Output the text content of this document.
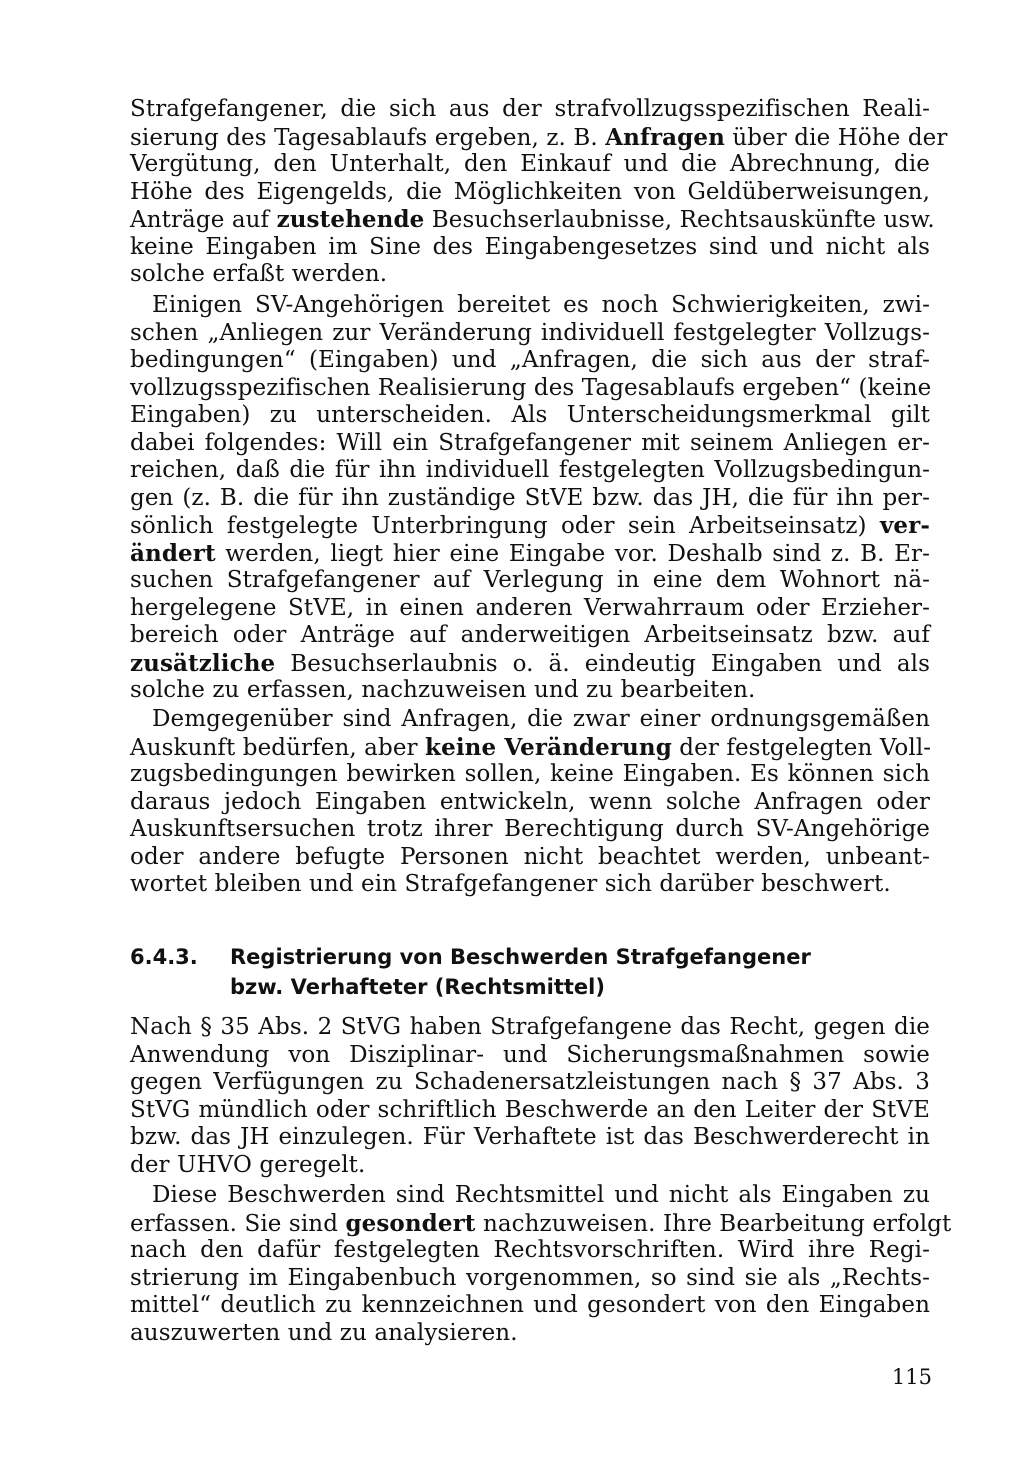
Strafgefangener, die sich aus der strafvollzugsspezifischen Reali-
sierung des Tagesablaufs ergeben, z. B. Anfragen über die Höhe der
Vergütung, den Unterhalt, den Einkauf und die Abrechnung, die
Höhe des Eigengelds, die Möglichkeiten von Geldüberweisungen,
Anträge auf zustehende Besuchserlaubnisse, Rechtsauskünfte usw.
keine Eingaben im Sine des Eingabengesetzes sind und nicht als
solche erfaßt werden.
Einigen SV-Angehörigen bereitet es noch Schwierigkeiten, zwi-
schen „Anliegen zur Veränderung individuell festgelegter Vollzugs-
bedingungen“ (Eingaben) und „Anfragen, die sich aus der straf-
vollzugsspezifischen Realisierung des Tagesablaufs ergeben“ (keine
Eingaben) zu unterscheiden. Als Unterscheidungsmerkmal gilt
dabei folgendes: Will ein Strafgefangener mit seinem Anliegen er-
reichen, daß die für ihn individuell festgelegten Vollzugsbedingun-
gen (z. B. die für ihn zuständige StVE bzw. das JH, die für ihn per-
sönlich festgelegte Unterbringung oder sein Arbeitseinsatz) ver-
ändert werden, liegt hier eine Eingabe vor. Deshalb sind z. B. Er-
suchen Strafgefangener auf Verlegung in eine dem Wohnort nä-
hergelegene StVE, in einen anderen Verwahrraum oder Erzieher-
bereich oder Anträge auf anderweitigen Arbeitseinsatz bzw. auf
zusätzliche Besuchserlaubnis o. ä. eindeutig Eingaben und als
solche zu erfassen, nachzuweisen und zu bearbeiten.
Demgegenüber sind Anfragen, die zwar einer ordnungsgemäßen
Auskunft bedürfen, aber keine Veränderung der festgelegten Voll-
zugsbedingungen bewirken sollen, keine Eingaben. Es können sich
daraus jedoch Eingaben entwickeln, wenn solche Anfragen oder
Auskunftsersuchen trotz ihrer Berechtigung durch SV-Angehörige
oder andere befugte Personen nicht beachtet werden, unbeant-
wortet bleiben und ein Strafgefangener sich darüber beschwert.
6.4.3. Registrierung von Beschwerden Strafgefangener
bzw. Verhafteter (Rechtsmittel)
Nach § 35 Abs. 2 StVG haben Strafgefangene das Recht, gegen die
Anwendung von Disziplinar- und Sicherungsmaßnahmen sowie
gegen Verfügungen zu Schadenersatzleistungen nach § 37 Abs. 3
StVG mündlich oder schriftlich Beschwerde an den Leiter der StVE
bzw. das JH einzulegen. Für Verhaftete ist das Beschwerderecht in
der UHVO geregelt.
Diese Beschwerden sind Rechtsmittel und nicht als Eingaben zu
erfassen. Sie sind gesondert nachzuweisen. Ihre Bearbeitung erfolgt
nach den dafür festgelegten Rechtsvorschriften. Wird ihre Regi-
strierung im Eingabenbuch vorgenommen, so sind sie als „Rechts-
mittel“ deutlich zu kennzeichnen und gesondert von den Eingaben
auszuwerten und zu analysieren.
115
